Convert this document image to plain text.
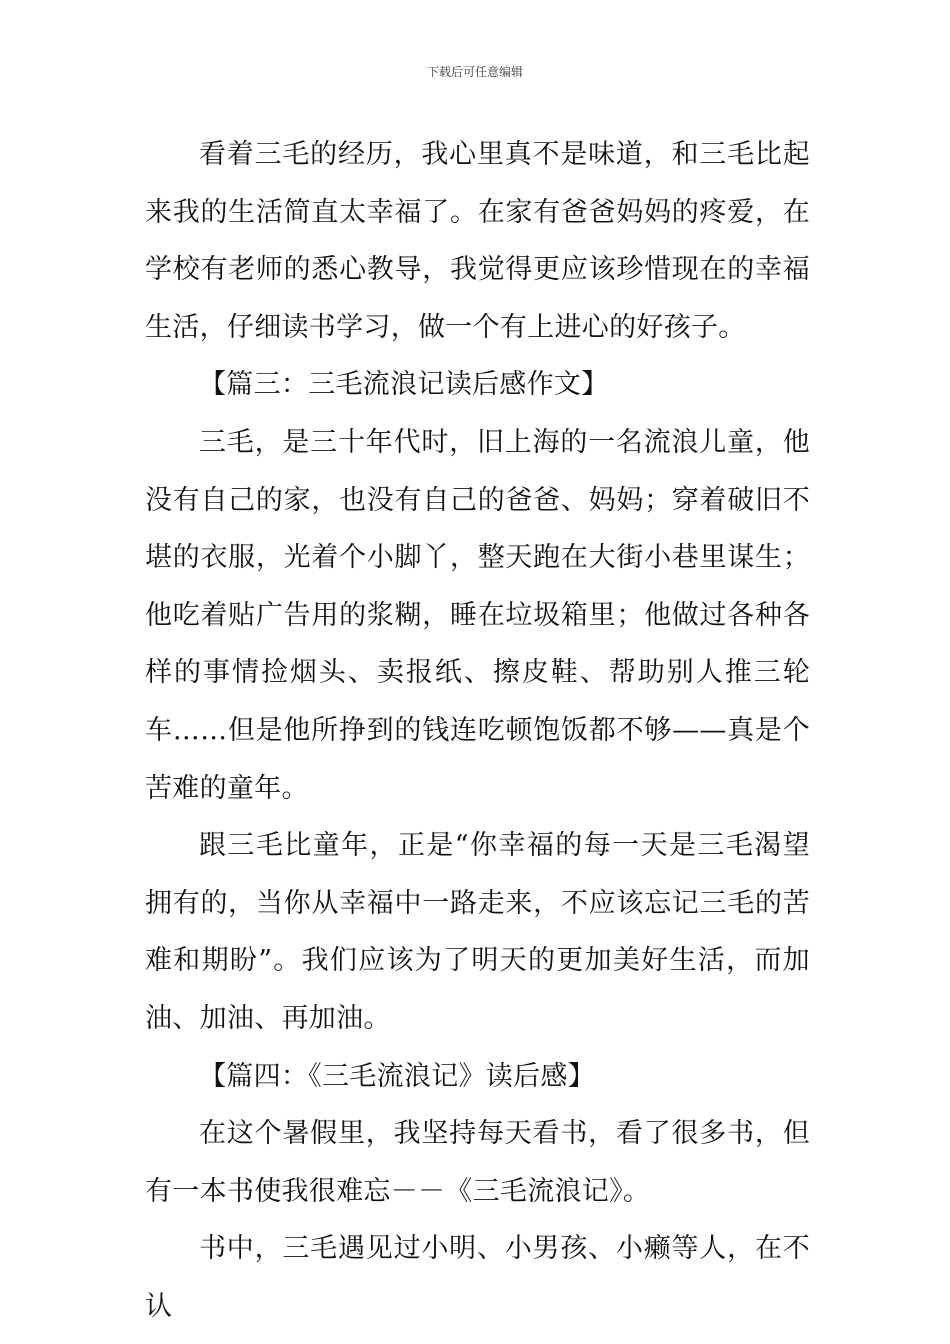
下载后可任意编辑

看着三毛的经历，我心里真不是味道，和三毛比起来我的生活简直太幸福了。在家有爸爸妈妈的疼爱，在学校有老师的悉心教导，我觉得更应该珍惜现在的幸福生活，仔细读书学习，做一个有上进心的好孩子。

【篇三：三毛流浪记读后感作文】

三毛，是三十年代时，旧上海的一名流浪儿童，他没有自己的家，也没有自己的爸爸、妈妈；穿着破旧不堪的衣服，光着个小脚丫，整天跑在大街小巷里谋生；他吃着贴广告用的浆糊，睡在垃圾箱里；他做过各种各样的事情捡烟头、卖报纸、擦皮鞋、帮助别人推三轮车……但是他所挣到的钱连吃顿饱饭都不够——真是个苦难的童年。

跟三毛比童年，正是“你幸福的每一天是三毛渴望拥有的，当你从幸福中一路走来，不应该忘记三毛的苦难和期盼”。我们应该为了明天的更加美好生活，而加油、加油、再加油。

【篇四：《三毛流浪记》读后感】

在这个暑假里，我坚持每天看书，看了很多书，但有一本书使我很难忘－－《三毛流浪记》。

书中，三毛遇见过小明、小男孩、小癞等人，在不认
